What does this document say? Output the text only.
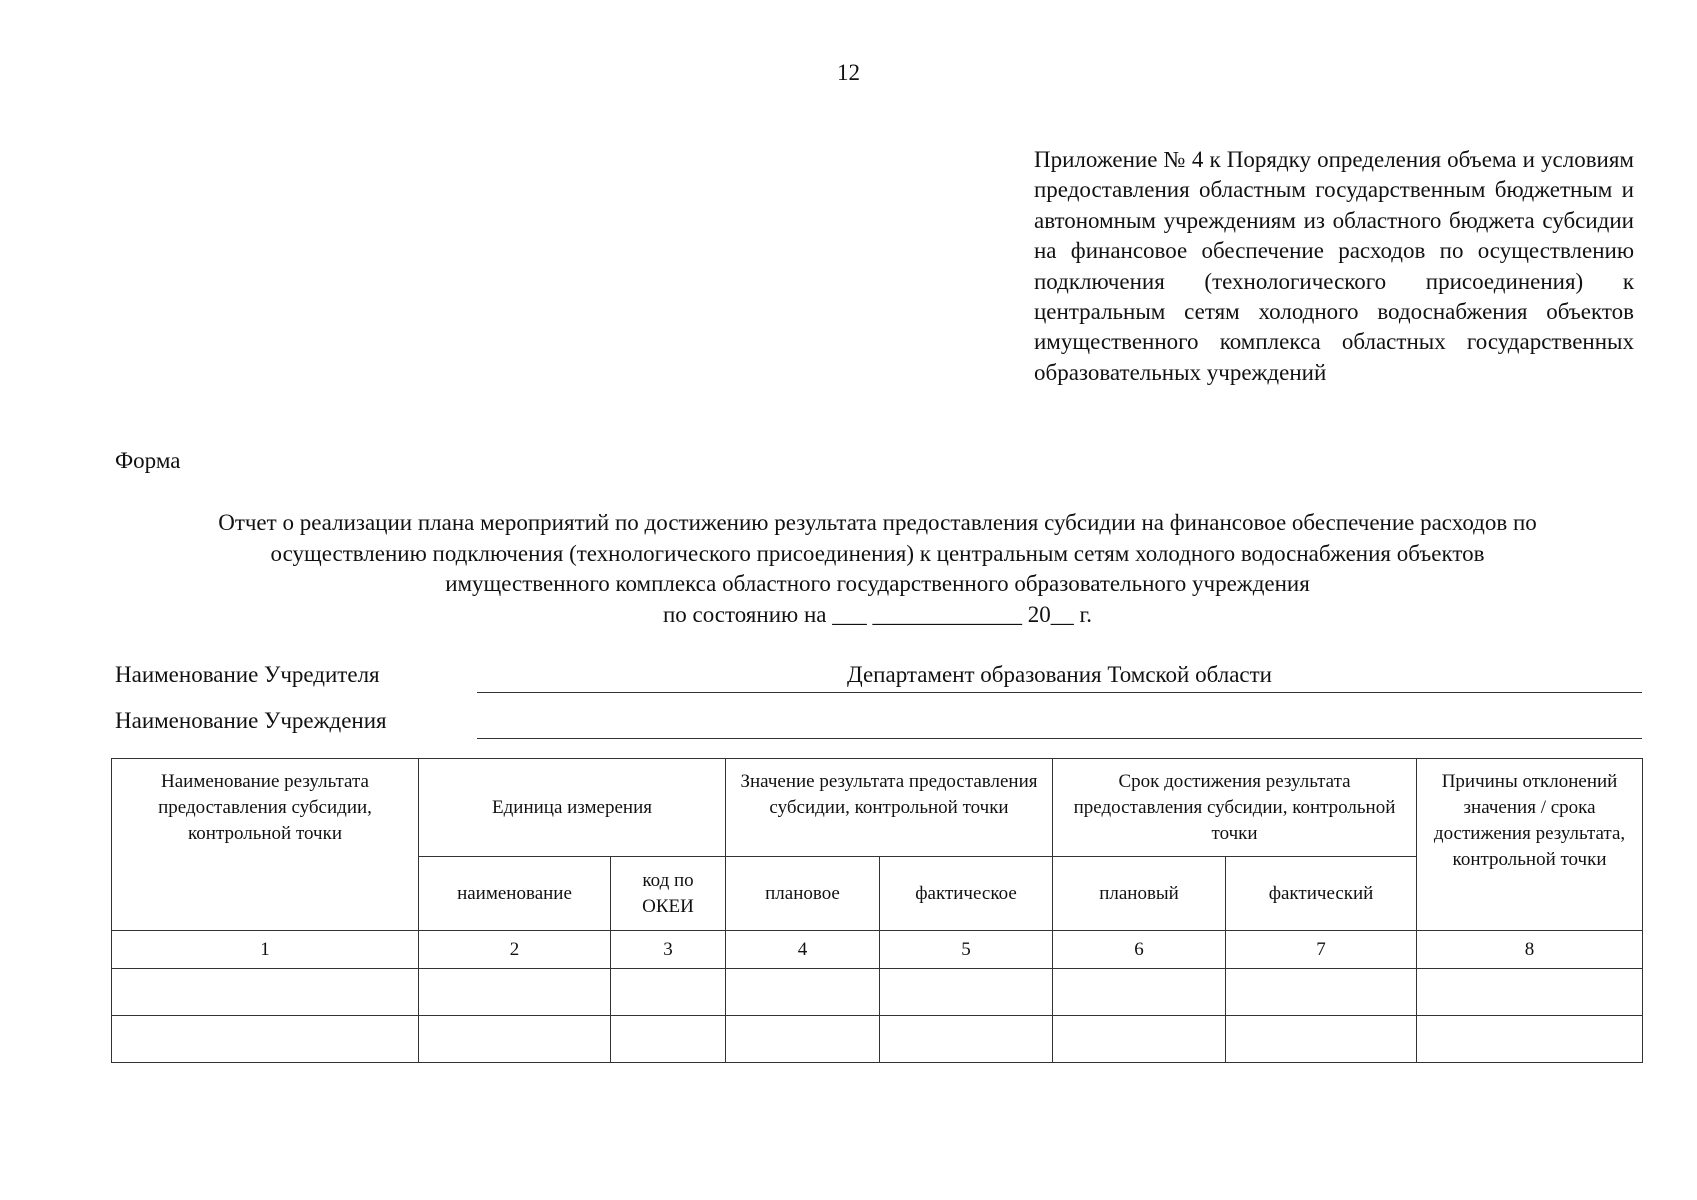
12
Приложение № 4 к Порядку определения объема и условиям предоставления областным государственным бюджетным и автономным учреждениям из областного бюджета субсидии на финансовое обеспечение расходов по осуществлению подключения (технологического присоединения) к центральным сетям холодного водоснабжения объектов имущественного комплекса областных государственных образовательных учреждений
Форма
Отчет о реализации плана мероприятий по достижению результата предоставления субсидии на финансовое обеспечение расходов по
осуществлению подключения (технологического присоединения) к центральным сетям холодного водоснабжения объектов
имущественного комплекса областного государственного образовательного учреждения
по состоянию на ___ _____________ 20__ г.
Наименование Учредителя	Департамент образования Томской области
Наименование Учреждения
Наименование результата предоставления субсидии, контрольной точки	Единица измерения		Значение результата предоставления субсидии, контрольной точки		Срок достижения результата предоставления субсидии, контрольной точки		Причины отклонений значения / срока достижения результата, контрольной точки
	наименование	код по ОКЕИ	плановое	фактическое	плановый	фактический	
1	2	3	4	5	6	7	8
